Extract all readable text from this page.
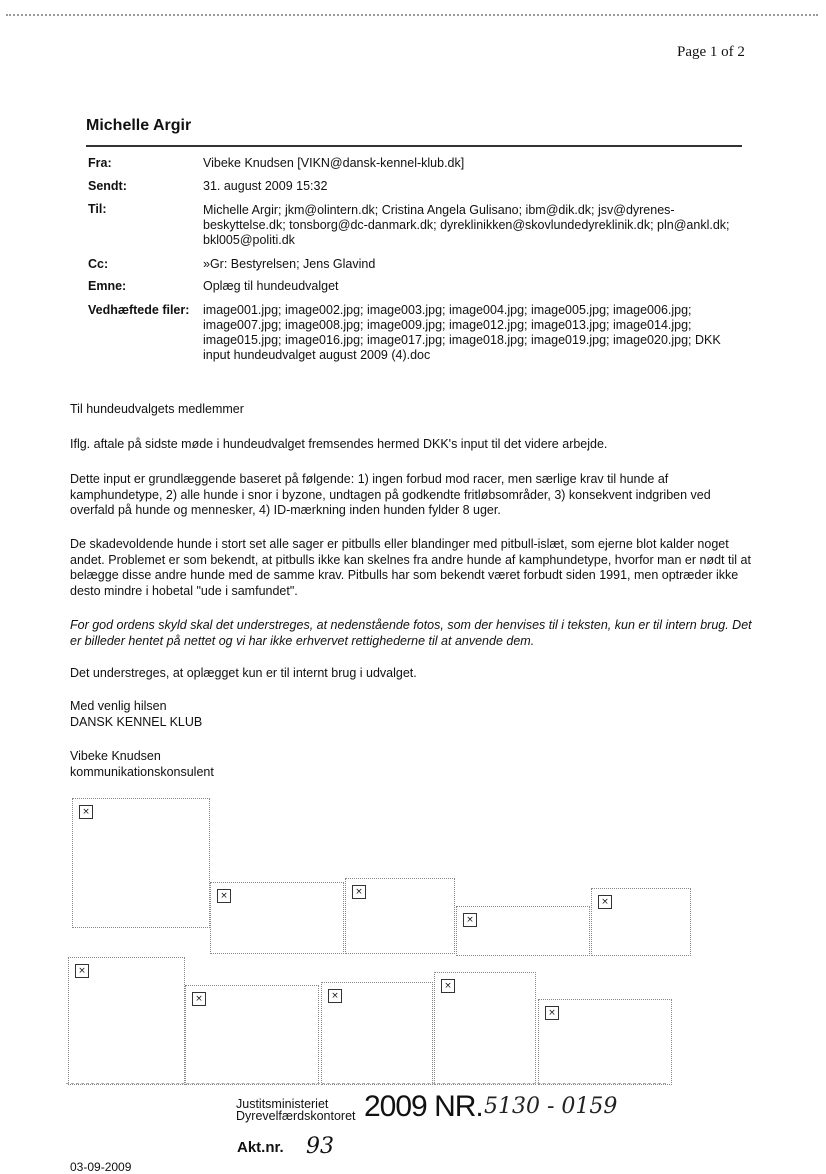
Page 1 of 2
Michelle Argir
Fra:	Vibeke Knudsen [VIKN@dansk-kennel-klub.dk]
Sendt:	31. august 2009 15:32
Til:	Michelle Argir; jkm@olintern.dk; Cristina Angela Gulisano; ibm@dik.dk; jsv@dyrenes-beskyttelse.dk; tonsborg@dc-danmark.dk; dyreklinikken@skovlundedyreklinik.dk; pln@ankl.dk; bkl005@politi.dk
Cc:	»Gr: Bestyrelsen; Jens Glavind
Emne:	Oplæg til hundeudvalget
Vedhæftede filer: image001.jpg; image002.jpg; image003.jpg; image004.jpg; image005.jpg; image006.jpg; image007.jpg; image008.jpg; image009.jpg; image012.jpg; image013.jpg; image014.jpg; image015.jpg; image016.jpg; image017.jpg; image018.jpg; image019.jpg; image020.jpg; DKK input hundeudvalget august 2009 (4).doc
Til hundeudvalgets medlemmer
Iflg. aftale på sidste møde i hundeudvalget fremsendes hermed DKK's input til det videre arbejde.
Dette input er grundlæggende baseret på følgende: 1) ingen forbud mod racer, men særlige krav til hunde af kamphundetype, 2) alle hunde i snor i byzone, undtagen på godkendte fritløbsområder, 3) konsekvent indgriben ved overfald på hunde og mennesker, 4) ID-mærkning inden hunden fylder 8 uger.
De skadevoldende hunde i stort set alle sager er pitbulls eller blandinger med pitbull-islæt, som ejerne blot kalder noget andet. Problemet er som bekendt, at pitbulls ikke kan skelnes fra andre hunde af kamphundetype, hvorfor man er nødt til at belægge disse andre hunde med de samme krav. Pitbulls har som bekendt været forbudt siden 1991, men optræder ikke desto mindre i hobetal "ude i samfundet".
For god ordens skyld skal det understreges, at nedenstående fotos, som der henvises til i teksten, kun er til intern brug. Det er billeder hentet på nettet og vi har ikke erhvervet rettighederne til at anvende dem.
Det understreges, at oplægget kun er til internt brug i udvalget.
Med venlig hilsen
DANSK KENNEL KLUB
Vibeke Knudsen
kommunikationskonsulent
×
×	×
×
×
×
×	×
×
×
Justitsministeriet
Dyrevelfærdskontoret 2009 NR. 5130 - 0159
Akt.nr. 93
03-09-2009
